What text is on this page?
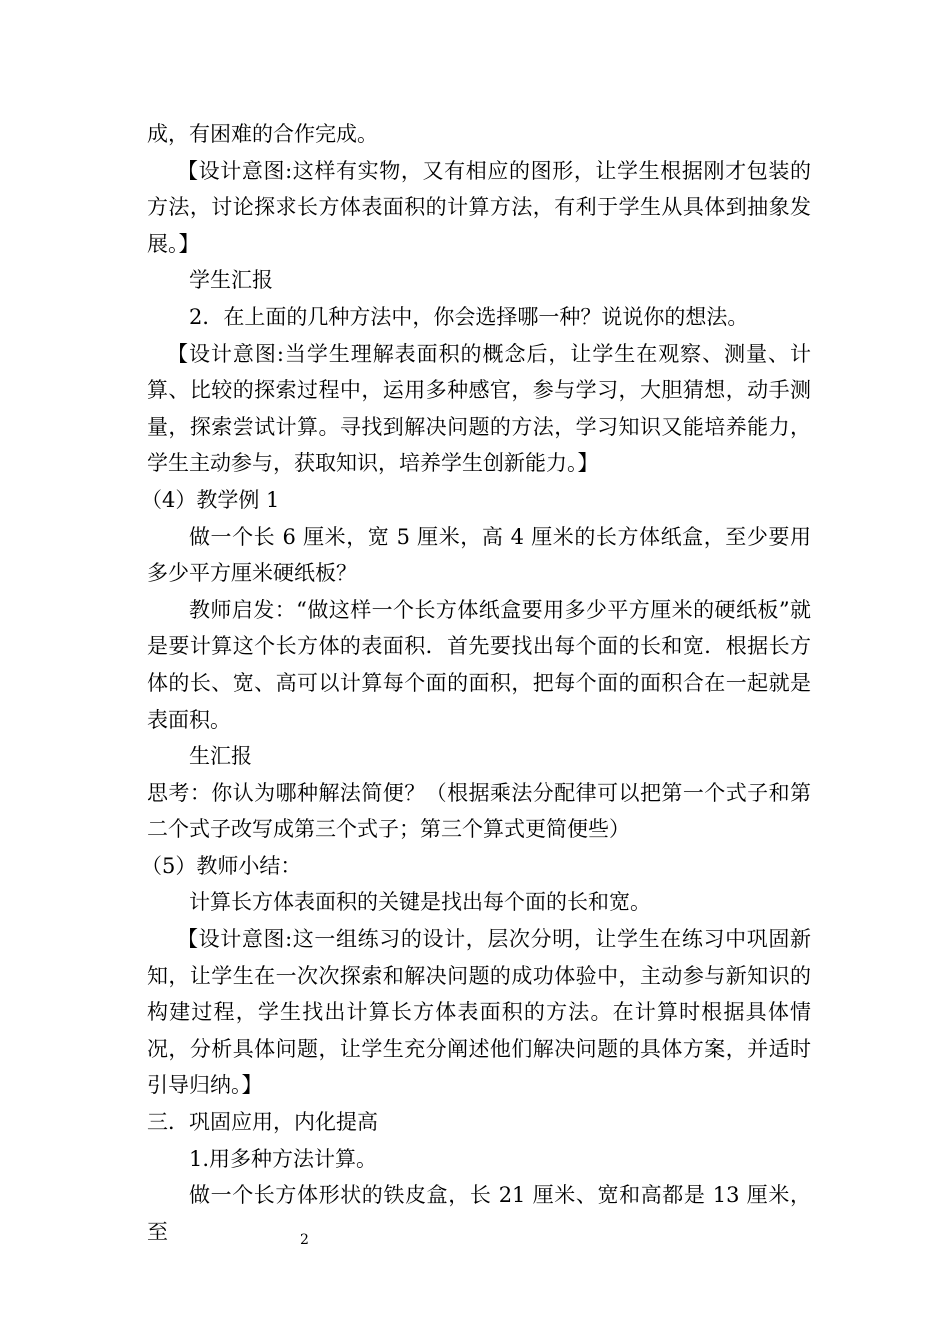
成，有困难的合作完成。

【设计意图:这样有实物，又有相应的图形，让学生根据刚才包装的方法，讨论探求长方体表面积的计算方法，有利于学生从具体到抽象发展。】

学生汇报

2．在上面的几种方法中，你会选择哪一种？说说你的想法。

【设计意图:当学生理解表面积的概念后，让学生在观察、测量、计算、比较的探索过程中，运用多种感官，参与学习，大胆猜想，动手测量，探索尝试计算。寻找到解决问题的方法，学习知识又能培养能力，学生主动参与，获取知识，培养学生创新能力。】

（4）教学例 1

做一个长 6 厘米，宽 5 厘米，高 4 厘米的长方体纸盒，至少要用多少平方厘米硬纸板？

教师启发：“做这样一个长方体纸盒要用多少平方厘米的硬纸板”就是要计算这个长方体的表面积．首先要找出每个面的长和宽．根据长方体的长、宽、高可以计算每个面的面积，把每个面的面积合在一起就是表面积。

生汇报

思考：你认为哪种解法简便？（根据乘法分配律可以把第一个式子和第二个式子改写成第三个式子；第三个算式更简便些）

（5）教师小结：

计算长方体表面积的关键是找出每个面的长和宽。

【设计意图:这一组练习的设计，层次分明，让学生在练习中巩固新知，让学生在一次次探索和解决问题的成功体验中，主动参与新知识的构建过程，学生找出计算长方体表面积的方法。在计算时根据具体情况，分析具体问题，让学生充分阐述他们解决问题的具体方案，并适时引导归纳。】

三．巩固应用，内化提高

1.用多种方法计算。

做一个长方体形状的铁皮盒，长 21 厘米、宽和高都是 13 厘米，至	2
